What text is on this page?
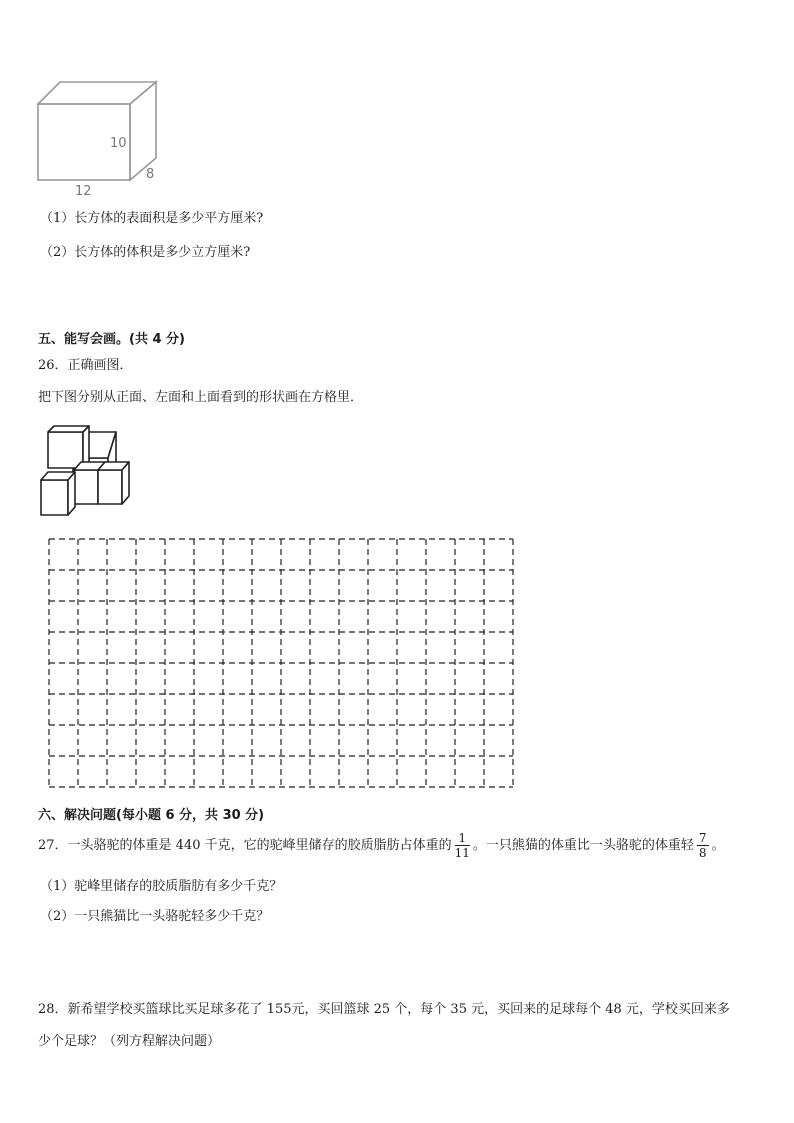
10
12
8
（1）长方体的表面积是多少平方厘米?
（2）长方体的体积是多少立方厘米?
五、能写会画。(共 4 分)
26．正确画图．
把下图分别从正面、左面和上面看到的形状画在方格里．
六、解决问题(每小题 6 分，共 30 分)
27．一头骆驼的体重是 440 千克，它的驼峰里储存的胶质脂肪占体重的 $\frac{1}{11}$ 。一只熊猫的体重比一头骆驼的体重轻 $\frac{7}{8}$ 。
（1）驼峰里储存的胶质脂肪有多少千克？
（2）一只熊猫比一头骆驼轻多少千克？
28．新希望学校买篮球比买足球多花了 155元，买回篮球 25 个，每个 35 元，买回来的足球每个 48 元，学校买回来多
少个足球？（列方程解决问题）
